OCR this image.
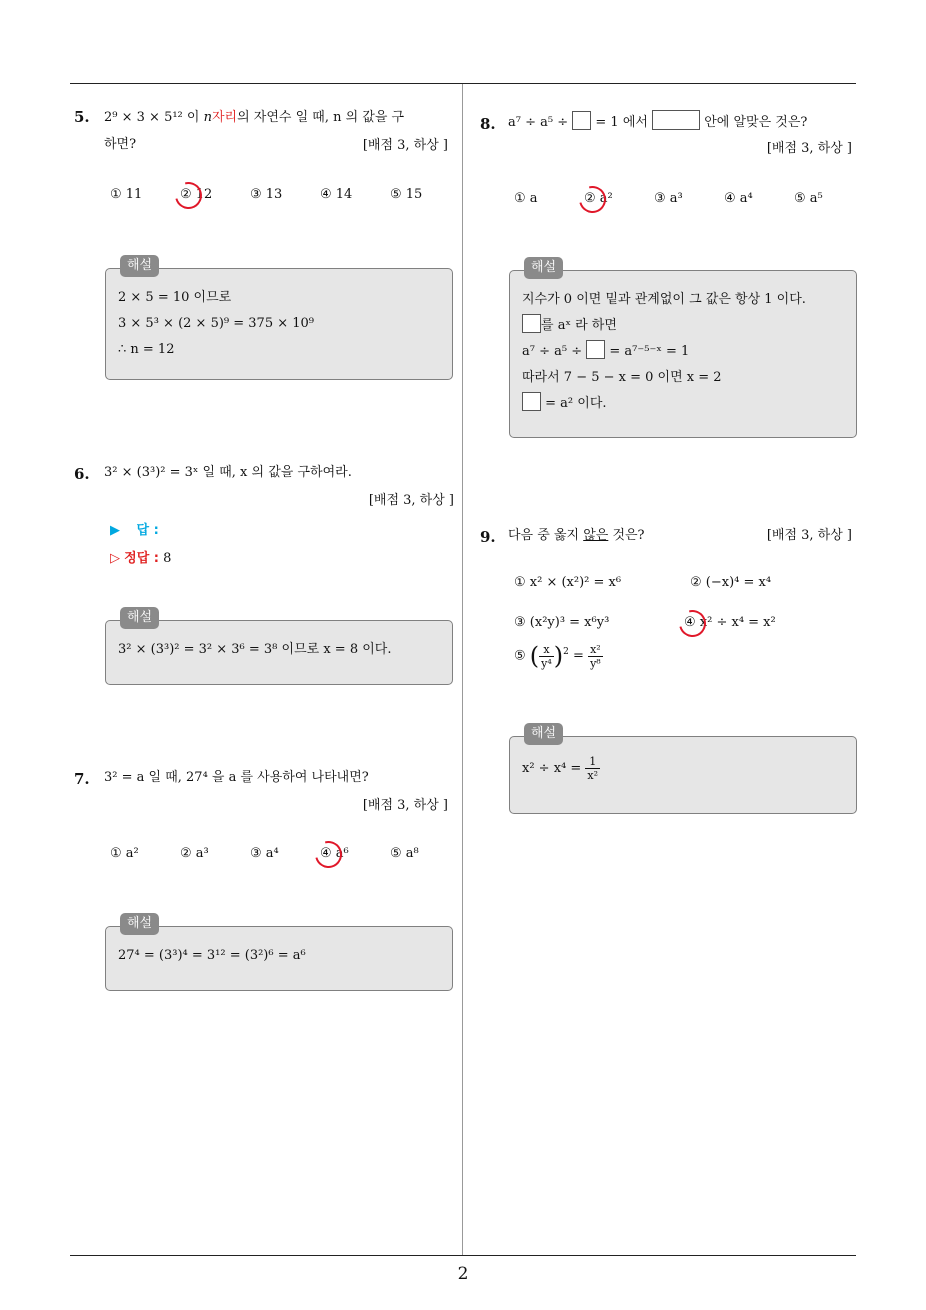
2
5. 2⁹ × 3 × 5¹² 이 n자리의 자연수 일 때, n 의 값을 구
하면?	[배점 3, 하상 ]
① 11	② 12	③ 13	④ 14	⑤ 15
해설
2 × 5 = 10 이므로
3 × 5³ × (2 × 5)⁹ = 375 × 10⁹
∴ n = 12
6. 3² × (3³)² = 3ˣ 일 때, x 의 값을 구하여라.
[배점 3, 하상 ]
▶ 답 :
▷ 정답 : 8
해설
3² × (3³)² = 3² × 3⁶ = 3⁸ 이므로 x = 8 이다.
7. 3² = a 일 때, 27⁴ 을 a 를 사용하여 나타내면?
[배점 3, 하상 ]
① a²	② a³	③ a⁴	④ a⁶	⑤ a⁸
해설
27⁴ = (3³)⁴ = 3¹² = (3²)⁶ = a⁶
8. a⁷ ÷ a⁵ ÷ = 1 에서	안에 알맞은 것은?
[배점 3, 하상 ]
① a	② a²	③ a³	④ a⁴	⑤ a⁵
해설
지수가 0 이면 밑과 관계없이 그 값은 항상 1 이다.
를 aˣ 라 하면
a⁷ ÷ a⁵ ÷ = a⁷⁻⁵⁻ˣ = 1
따라서 7 − 5 − x = 0 이면 x = 2
= a² 이다.
9. 다음 중 옳지 않은 것은?	[배점 3, 하상 ]
① x² × (x²)² = x⁶	② (−x)⁴ = x⁴
③ (x²y)³ = x⁶y³	④ x² ÷ x⁴ = x²
⑤ ( $\frac{x}{\text{y⁴}} )^2 = \frac{\text{x²}}{\text{y⁸}}$
해설
$x^2 \div x^4 = \frac{1}{\text{x²}}$
